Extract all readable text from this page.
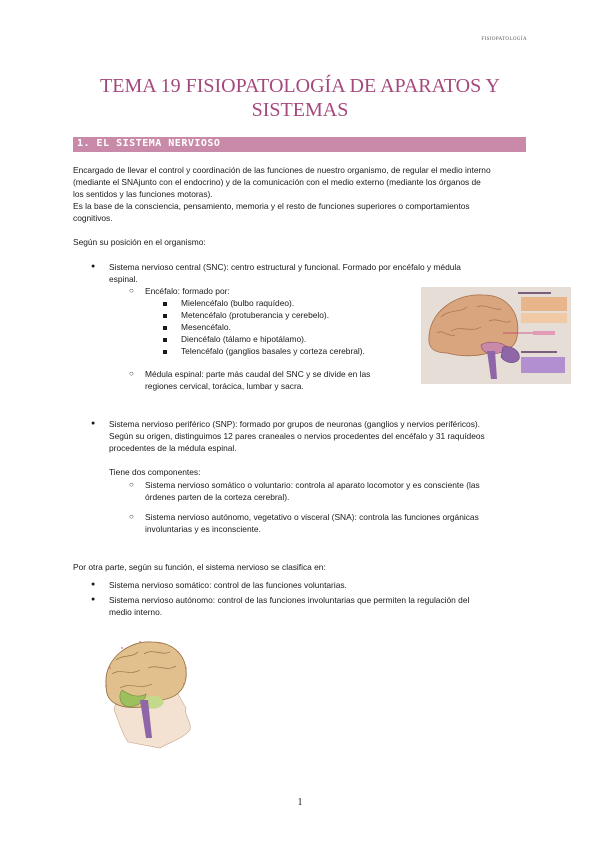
FISIOPATOLOGÍA
TEMA 19 FISIOPATOLOGÍA DE APARATOS Y
SISTEMAS
1. EL SISTEMA NERVIOSO
Encargado de llevar el control y coordinación de las funciones de nuestro organismo, de regular el medio interno
(mediante el SNAjunto con el endocrino) y de la comunicación con el medio externo (mediante los órganos de
los sentidos y las funciones motoras).
Es la base de la consciencia, pensamiento, memoria y el resto de funciones superiores o comportamientos
cognitivos.
Según su posición en el organismo:
● Sistema nervioso central (SNC): centro estructural y funcional. Formado por encéfalo y médula
espinal.
○ Encéfalo: formado por:
Mielencéfalo (bulbo raquídeo).
Metencéfalo (protuberancia y cerebelo).
Mesencéfalo.
Diencéfalo (tálamo e hipotálamo).
Telencéfalo (ganglios basales y corteza cerebral).
○ Médula espinal: parte más caudal del SNC y se divide en las
regiones cervical, torácica, lumbar y sacra.
● Sistema nervioso periférico (SNP): formado por grupos de neuronas (ganglios y nervios periféricos).
Según su origen, distinguimos 12 pares craneales o nervios procedentes del encéfalo y 31 raquídeos
procedentes de la médula espinal.
Tiene dos componentes:
○ Sistema nervioso somático o voluntario: controla al aparato locomotor y es consciente (las
órdenes parten de la corteza cerebral).
○ Sistema nervioso autónomo, vegetativo o visceral (SNA): controla las funciones orgánicas
involuntarias y es inconsciente.
Por otra parte, según su función, el sistema nervioso se clasifica en:
● Sistema nervioso somático: control de las funciones voluntarias.
● Sistema nervioso autónomo: control de las funciones involuntarias que permiten la regulación del
medio interno.
1
